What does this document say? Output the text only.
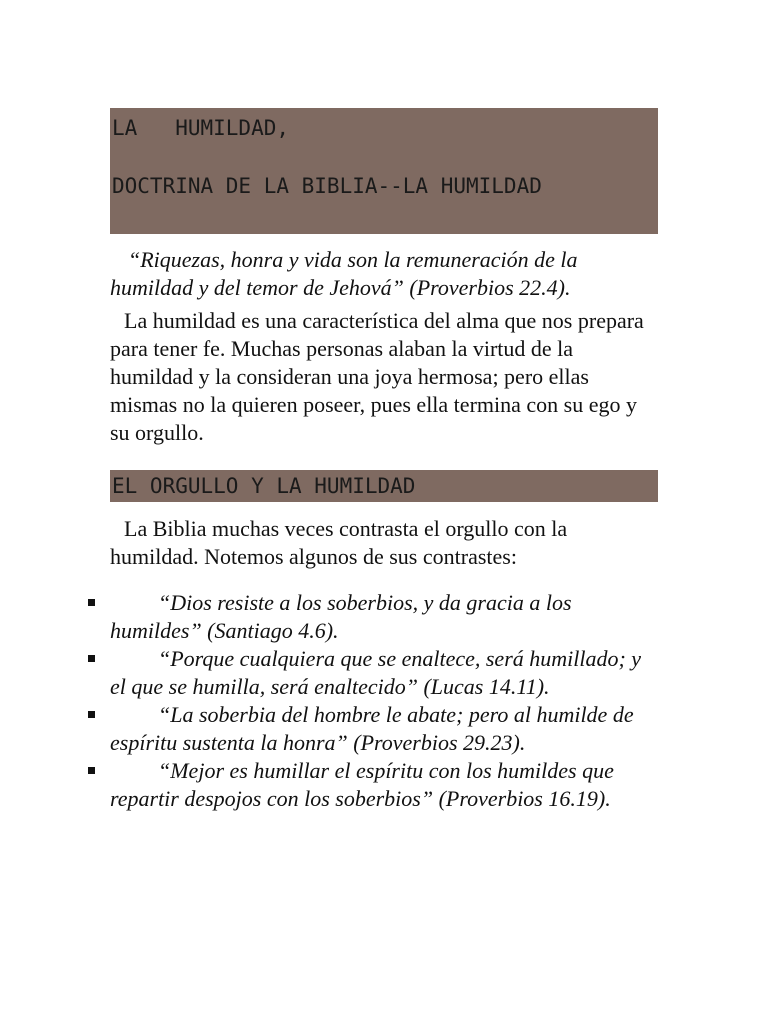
LA   HUMILDAD,
DOCTRINA DE LA BIBLIA--LA HUMILDAD
“Riquezas, honra y vida son la remuneración de la humildad y del temor de Jehová” (Proverbios 22.4).
La humildad es una característica del alma que nos prepara para tener fe. Muchas personas alaban la virtud de la humildad y la consideran una joya hermosa; pero ellas mismas no la quieren poseer, pues ella termina con su ego y su orgullo.
EL ORGULLO Y LA HUMILDAD
La Biblia muchas veces contrasta el orgullo con la humildad. Notemos algunos de sus contrastes:
“Dios resiste a los soberbios, y da gracia a los humildes” (Santiago 4.6).
“Porque cualquiera que se enaltece, será humillado; y el que se humilla, será enaltecido” (Lucas 14.11).
“La soberbia del hombre le abate; pero al humilde de espíritu sustenta la honra” (Proverbios 29.23).
“Mejor es humillar el espíritu con los humildes que repartir despojos con los soberbios” (Proverbios 16.19).
